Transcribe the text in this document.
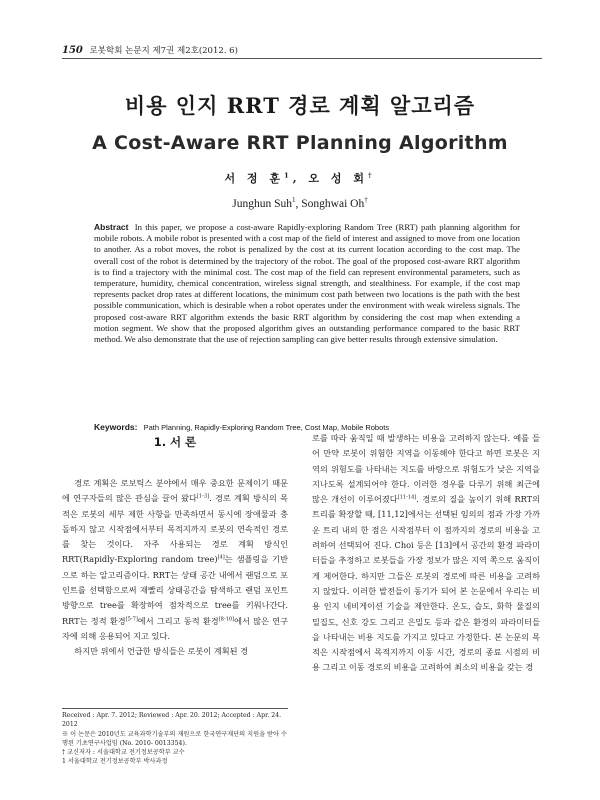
150 로봇학회 논문지 제7권 제2호(2012. 6)
비용 인지 RRT 경로 계획 알고리즘
A Cost-Aware RRT Planning Algorithm
서 정 훈$^1$, 오 성 회†
Junghun Suh$^1$, Songhwai Oh†
Abstract In this paper, we propose a cost-aware Rapidly-exploring Random Tree (RRT) path planning algorithm for mobile robots. A mobile robot is presented with a cost map of the field of interest and assigned to move from one location to another. As a robot moves, the robot is penalized by the cost at its current location according to the cost map. The overall cost of the robot is determined by the trajectory of the robot. The goal of the proposed cost-aware RRT algorithm is to find a trajectory with the minimal cost. The cost map of the field can represent environmental parameters, such as temperature, humidity, chemical concentration, wireless signal strength, and stealthiness. For example, if the cost map represents packet drop rates at different locations, the minimum cost path between two locations is the path with the best possible communication, which is desirable when a robot operates under the environment with weak wireless signals. The proposed cost-aware RRT algorithm extends the basic RRT algorithm by considering the cost map when extending a motion segment. We show that the proposed algorithm gives an outstanding performance compared to the basic RRT method. We also demonstrate that the use of rejection sampling can give better results through extensive simulation.
Keywords: Path Planning, Rapidly-Exploring Random Tree, Cost Map, Mobile Robots
1. 서 론

경로 계획은 로보틱스 분야에서 매우 중요한 문제이기 때문에 연구자들의 많은 관심을 끌어 왔다[1-3]. 경로 계획 방식의 목적은 로봇의 세부 제한 사항을 만족하면서 동시에 장애물과 충돌하지 않고 시작점에서부터 목적지까지 로봇의 연속적인 경로를 찾는 것이다. 자주 사용되는 경로 계획 방식인 RRT(Rapidly-Exploring random tree)[4]는 샘플링을 기반으로 하는 알고리즘이다. RRT는 상태 공간 내에서 랜덤으로 포인트를 선택함으로써 재빨리 상태공간을 탐색하고 랜덤 포인트 방향으로 tree를 확장하여 점차적으로 tree를 키워나간다. RRT는 정적 환경[5-7]에서 그리고 동적 환경[8-10]에서 많은 연구자에 의해 응용되어 지고 있다.

하지만 위에서 언급한 방식들은 로봇이 계획된 경

Received : Apr. 7. 2012; Reviewed : Apr. 20. 2012; Accepted : Apr. 24. 2012
※ 이 논문은 2010년도 교육과학기술부의 재원으로 한국연구재단의 지원을 받아 수행된 기초연구사업임 (No. 2010- 0013354).
† 교신저자 : 서울대학교 전기정보공학부 교수
1 서울대학교 전기정보공학부 박사과정

로를 따라 움직일 때 발생하는 비용을 고려하지 않는다. 예를 들어 만약 로봇이 위험한 지역을 이동해야 한다고 하면 로봇은 지역의 위험도를 나타내는 지도를 바탕으로 위험도가 낮은 지역을 지나도록 설계되어야 한다. 이러한 경우를 다루기 위해 최근에 많은 개선이 이루어졌다[11-14]. 경로의 질을 높이기 위해 RRT의 트리를 확장할 때, [11,12]에서는 선택된 임의의 점과 가장 가까운 트리 내의 한 점은 시작점부터 이 점까지의 경로의 비용을 고려하여 선택되어 진다. Choi 등은 [13]에서 공간의 환경 파라미터들을 추정하고 로봇들을 가장 정보가 많은 지역 쪽으로 움직이게 제어한다. 하지만 그들은 로봇의 경로에 따른 비용을 고려하지 않았다. 이러한 발전들이 동기가 되어 본 논문에서 우리는 비용 인지 네비게이션 기술을 제안한다. 온도, 습도, 화학 물질의 밀집도, 신호 강도 그리고 은밀도 등과 같은 환경의 파라미터들을 나타내는 비용 지도를 가지고 있다고 가정한다. 본 논문의 목적은 시작점에서 목적지까지 이동 시간, 경로의 종료 시점의 비용 그리고 이동 경로의 비용을 고려하여 최소의 비용을 갖는 경
